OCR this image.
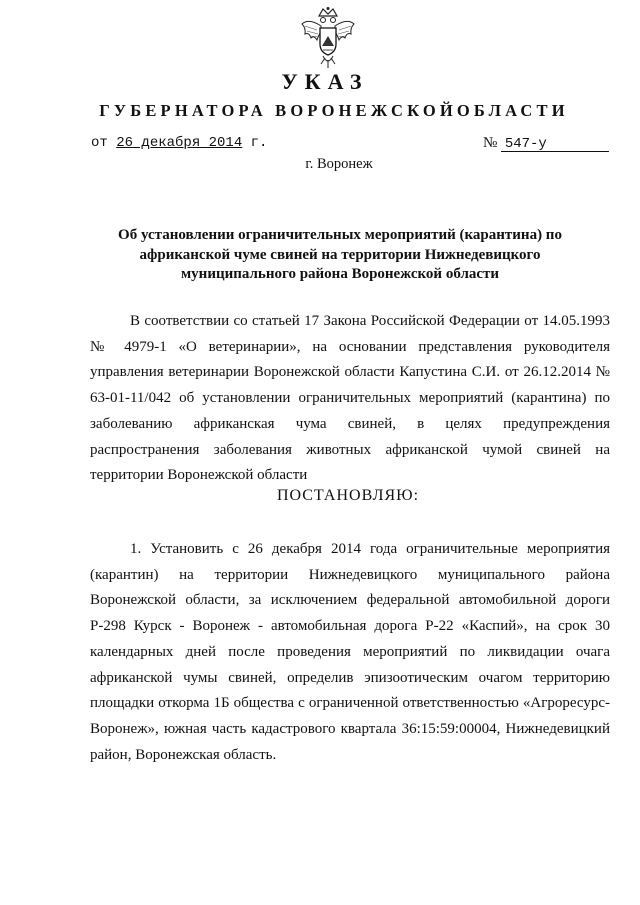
УКАЗ
ГУБЕРНАТОРА ВОРОНЕЖСКОЙОБЛАСТИ
от 26 декабря 2014 г.	№ 547-у
г. Воронеж
Об установлении ограничительных мероприятий (карантина) по африканской чуме свиней на территории Нижнедевицкого муниципального района Воронежской области

В соответствии со статьей 17 Закона Российской Федерации от 14.05.1993 № 4979-1 «О ветеринарии», на основании представления руководителя управления ветеринарии Воронежской области Капустина С.И. от 26.12.2014 № 63-01-11/042 об установлении ограничительных мероприятий (карантина) по заболеванию африканская чума свиней, в целях предупреждения распространения заболевания животных африканской чумой свиней на территории Воронежской области

ПОСТАНОВЛЯЮ:

1. Установить с 26 декабря 2014 года ограничительные мероприятия (карантин) на территории Нижнедевицкого муниципального района Воронежской области, за исключением федеральной автомобильной дороги Р-298 Курск - Воронеж - автомобильная дорога Р-22 «Каспий», на срок 30 календарных дней после проведения мероприятий по ликвидации очага африканской чумы свиней, определив эпизоотическим очагом территорию площадки откорма 1Б общества с ограниченной ответственностью «Агроресурс-Воронеж», южная часть кадастрового квартала 36:15:59:00004, Нижнедевицкий район, Воронежская область.
